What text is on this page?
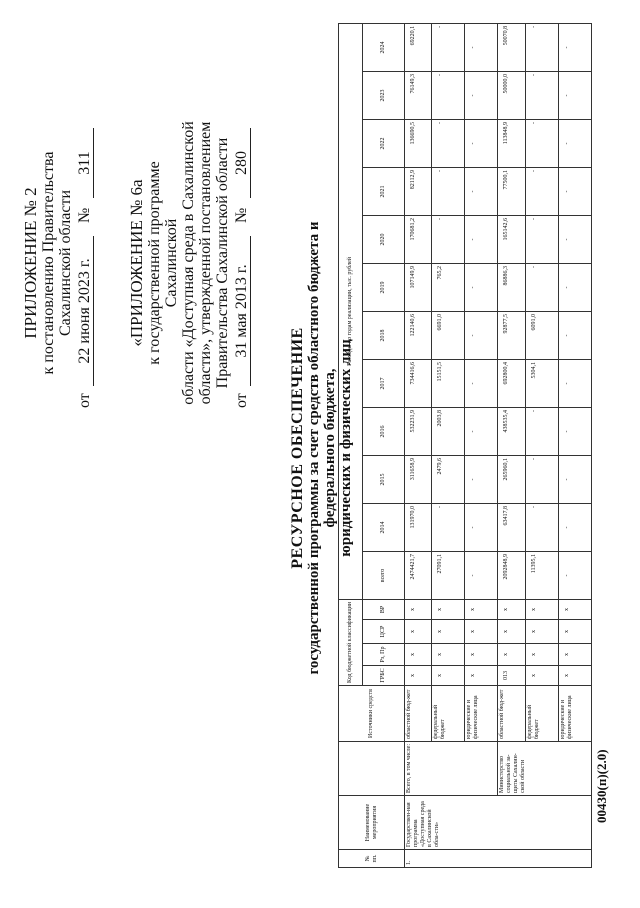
ПРИЛОЖЕНИЕ № 2 к постановлению Правительства Сахалинской области
от
22 июня 2023 г.
№
311
«ПРИЛОЖЕНИЕ № 6а к государственной программе Сахалинской области «Доступная среда в Сахалинской области», утвержденной постановлением Правительства Сахалинской области
от
31 мая 2013 г.
№
280
РЕСУРСНОЕ ОБЕСПЕЧЕНИЕ государственной программы за счет средств областного бюджета и федерального бюджета, юридических и физических лиц
№ пп.	Наименование мероприятия		Источники средств	Код бюджетной классификации				Расходы по годам реализации, тыс. рублей											
				ГРБС	Рз, Пр	ЦСР	ВР	всего	2014	2015	2016	2017	2018	2019	2020	2021	2022	2023	2024
1.	Государствен-ная программа «Доступная среда в Сахалинской обла-сти»	Всего, в том числе:	областной бюд-жет	х	х	х	х	2474421,7	131970,0	311658,9	532231,9	734416,6	122140,6	107149,9	170681,2	82112,9	136690,5	76149,3	69220,1
			федеральный бюджет	х	х	х	х	27091,1	-	2479,6	2003,8	15151,5	6691,0	765,2	-	-	-	-	-
			юридические и физические лица	х	х	х	х	-	-	-	-	-	-	-	-	-	-	-	-
		Министерство социальной за-щиты Сахалин-ской области	областной бюд-жет	013	х	х	х	2092848,9	63417,8	265960,1	438535,4	692800,4	92877,5	86886,3	165142,6	77500,1	113848,9	50000,0	50070,8
			федеральный бюджет	х	х	х	х	11395,1	-	-	-	5304,1	6091,0	-	-	-	-	-	-
			юридические и физические лица	х	х	х	х	-	-	-	-	-	-	-	-	-	-	-	-
00430(п)(2.0)
